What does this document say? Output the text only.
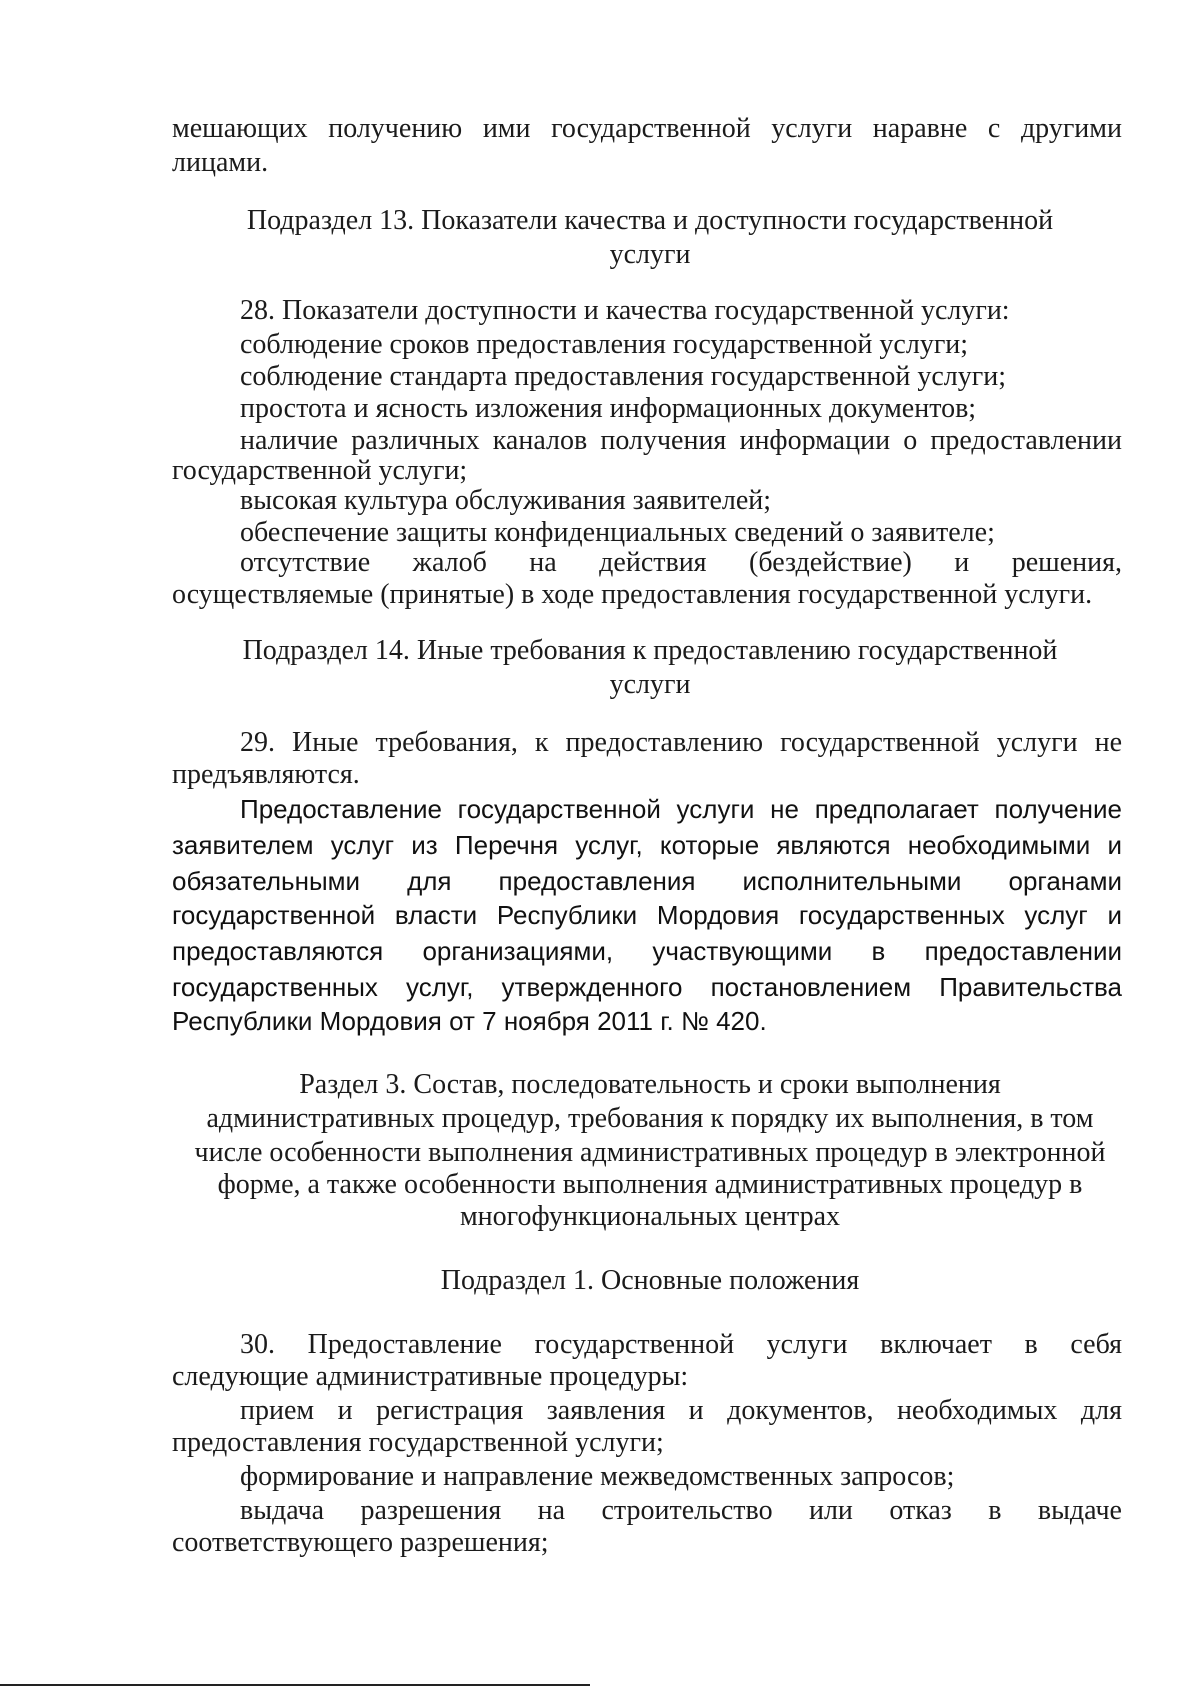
мешающих получению ими государственной услуги наравне с другими

лицами.

Подраздел 13. Показатели качества и доступности государственной

услуги

28. Показатели доступности и качества государственной услуги:

соблюдение сроков предоставления государственной услуги;

соблюдение стандарта предоставления государственной услуги;

простота и ясность изложения информационных документов;

наличие различных каналов получения информации о предоставлении

государственной услуги;

высокая культура обслуживания заявителей;

обеспечение защиты конфиденциальных сведений о заявителе;

отсутствие жалоб на действия (бездействие) и решения,

осуществляемые (принятые) в ходе предоставления государственной услуги.

Подраздел 14. Иные требования к предоставлению государственной

услуги

29. Иные требования, к предоставлению государственной услуги не

предъявляются.

Предоставление государственной услуги не предполагает получение

заявителем услуг из Перечня услуг, которые являются необходимыми и

обязательными для предоставления исполнительными органами

государственной власти Республики Мордовия государственных услуг и

предоставляются организациями, участвующими в предоставлении

государственных услуг, утвержденного постановлением Правительства

Республики Мордовия от 7 ноября 2011 г. № 420.

Раздел 3. Состав, последовательность и сроки выполнения

административных процедур, требования к порядку их выполнения, в том

числе особенности выполнения административных процедур в электронной

форме, а также особенности выполнения административных процедур в

многофункциональных центрах

Подраздел 1. Основные положения

30. Предоставление государственной услуги включает в себя

следующие административные процедуры:

прием и регистрация заявления и документов, необходимых для

предоставления государственной услуги;

формирование и направление межведомственных запросов;

выдача разрешения на строительство или отказ в выдаче

соответствующего разрешения;
